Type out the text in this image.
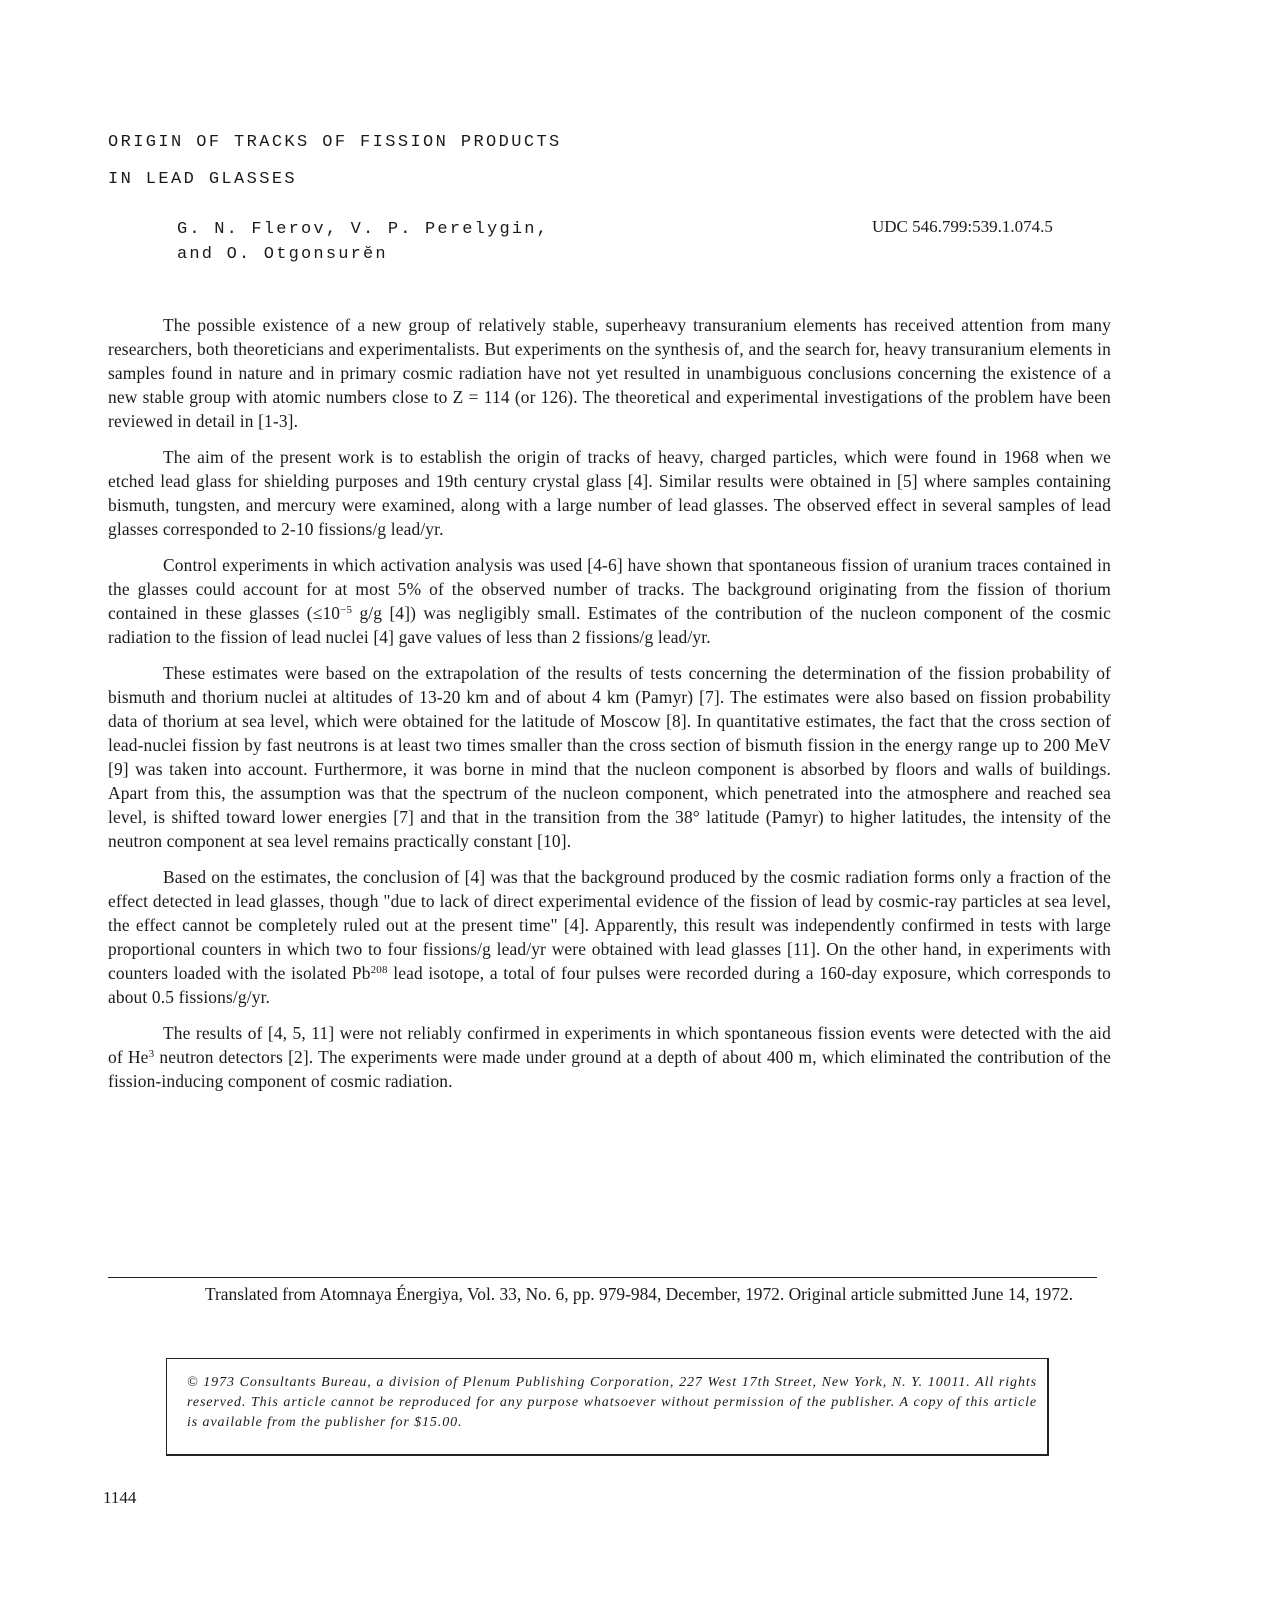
ORIGIN OF TRACKS OF FISSION PRODUCTS
IN LEAD GLASSES
G. N. Flerov, V. P. Perelygin,
and O. Otgonsurĕn
UDC 546.799:539.1.074.5

The possible existence of a new group of relatively stable, superheavy transuranium elements has received attention from many researchers, both theoreticians and experimentalists. But experiments on the synthesis of, and the search for, heavy transuranium elements in samples found in nature and in primary cosmic radiation have not yet resulted in unambiguous conclusions concerning the existence of a new stable group with atomic numbers close to Z = 114 (or 126). The theoretical and experimental investigations of the problem have been reviewed in detail in [1-3].

The aim of the present work is to establish the origin of tracks of heavy, charged particles, which were found in 1968 when we etched lead glass for shielding purposes and 19th century crystal glass [4]. Similar results were obtained in [5] where samples containing bismuth, tungsten, and mercury were examined, along with a large number of lead glasses. The observed effect in several samples of lead glasses corresponded to 2-10 fissions/g lead/yr.

Control experiments in which activation analysis was used [4-6] have shown that spontaneous fission of uranium traces contained in the glasses could account for at most 5% of the observed number of tracks. The background originating from the fission of thorium contained in these glasses ($\le 10^{-5}$ g/g [4]) was negligibly small. Estimates of the contribution of the nucleon component of the cosmic radiation to the fission of lead nuclei [4] gave values of less than 2 fissions/g lead/yr.

These estimates were based on the extrapolation of the results of tests concerning the determination of the fission probability of bismuth and thorium nuclei at altitudes of 13-20 km and of about 4 km (Pamyr) [7]. The estimates were also based on fission probability data of thorium at sea level, which were obtained for the latitude of Moscow [8]. In quantitative estimates, the fact that the cross section of lead-nuclei fission by fast neutrons is at least two times smaller than the cross section of bismuth fission in the energy range up to 200 MeV [9] was taken into account. Furthermore, it was borne in mind that the nucleon component is absorbed by floors and walls of buildings. Apart from this, the assumption was that the spectrum of the nucleon component, which penetrated into the atmosphere and reached sea level, is shifted toward lower energies [7] and that in the transition from the 38° latitude (Pamyr) to higher latitudes, the intensity of the neutron component at sea level remains practically constant [10].

Based on the estimates, the conclusion of [4] was that the background produced by the cosmic radiation forms only a fraction of the effect detected in lead glasses, though "due to lack of direct experimental evidence of the fission of lead by cosmic-ray particles at sea level, the effect cannot be completely ruled out at the present time" [4]. Apparently, this result was independently confirmed in tests with large proportional counters in which two to four fissions/g lead/yr were obtained with lead glasses [11]. On the other hand, in experiments with counters loaded with the isolated Pb$^{208}$ lead isotope, a total of four pulses were recorded during a 160-day exposure, which corresponds to about 0.5 fissions/g/yr.

The results of [4, 5, 11] were not reliably confirmed in experiments in which spontaneous fission events were detected with the aid of He$^3$ neutron detectors [2]. The experiments were made under ground at a depth of about 400 m, which eliminated the contribution of the fission-inducing component of cosmic radiation.

Translated from Atomnaya Énergiya, Vol. 33, No. 6, pp. 979-984, December, 1972. Original article submitted June 14, 1972.
© 1973 Consultants Bureau, a division of Plenum Publishing Corporation, 227 West 17th Street, New York, N. Y. 10011. All rights reserved. This article cannot be reproduced for any purpose whatsoever without permission of the publisher. A copy of this article is available from the publisher for $15.00.
1144
